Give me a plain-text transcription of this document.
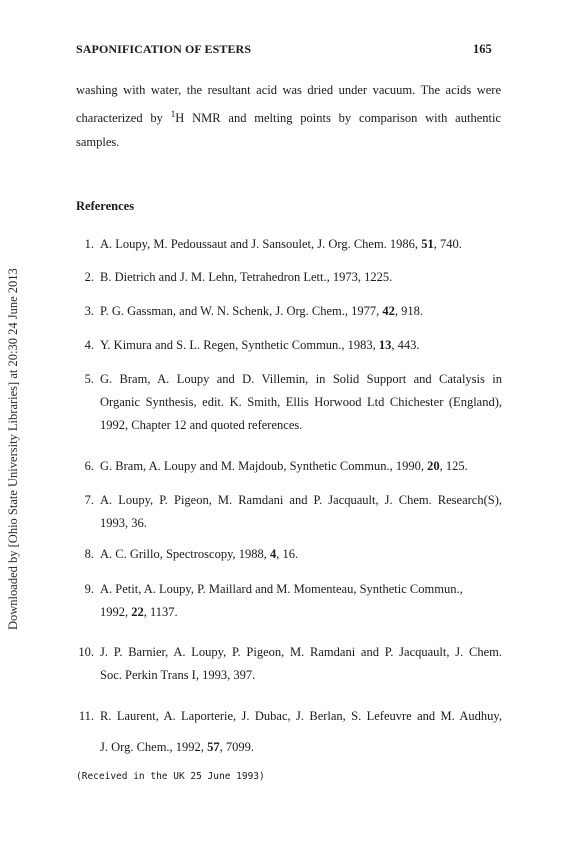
SAPONIFICATION OF ESTERS	165
washing with water, the resultant acid was dried under vacuum. The acids were
characterized by $^1$H NMR and melting points by comparison with authentic
samples.
References
1. A. Loupy, M. Pedoussaut and J. Sansoulet, J. Org. Chem. 1986, 51, 740.
2. B. Dietrich and J. M. Lehn, Tetrahedron Lett., 1973, 1225.
3. P. G. Gassman, and W. N. Schenk, J. Org. Chem., 1977, 42, 918.
4. Y. Kimura and S. L. Regen, Synthetic Commun., 1983, 13, 443.
5. G. Bram, A. Loupy and D. Villemin, in Solid Support and Catalysis in
Organic Synthesis, edit. K. Smith, Ellis Horwood Ltd Chichester (England),
1992, Chapter 12 and quoted references.
6. G. Bram, A. Loupy and M. Majdoub, Synthetic Commun., 1990, 20, 125.
7. A. Loupy, P. Pigeon, M. Ramdani and P. Jacquault, J. Chem. Research(S),
1993, 36.
8. A. C. Grillo, Spectroscopy, 1988, 4, 16.
9. A. Petit, A. Loupy, P. Maillard and M. Momenteau, Synthetic Commun.,
1992, 22, 1137.
10. J. P. Barnier, A. Loupy, P. Pigeon, M. Ramdani and P. Jacquault, J. Chem.
Soc. Perkin Trans I, 1993, 397.
11. R. Laurent, A. Laporterie, J. Dubac, J. Berlan, S. Lefeuvre and M. Audhuy,
J. Org. Chem., 1992, 57, 7099.
(Received in the UK 25 June 1993)
Downloaded by [Ohio State University Libraries] at 20:30 24 June 2013
